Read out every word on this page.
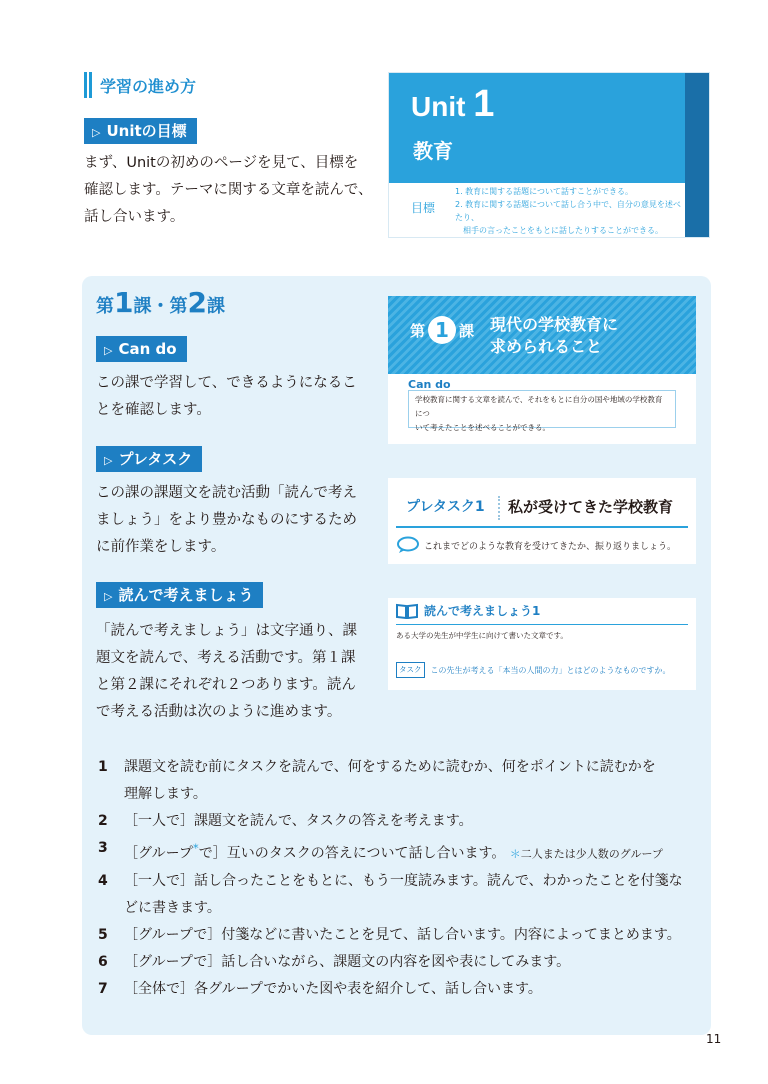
学習の進め方
▷ Unitの目標
まず、Unitの初めのページを見て、目標を
確認します。テーマに関する文章を読んで、
話し合います。
Unit 1
教育
目標
1. 教育に関する話題について話すことができる。
2. 教育に関する話題について話し合う中で、自分の意見を述べたり、
相手の言ったことをもとに話したりすることができる。
第1課・第2課
▷ Can do
この課で学習して、できるようになるこ
とを確認します。
▷ プレタスク
この課の課題文を読む活動「読んで考え
ましょう」をより豊かなものにするため
に前作業をします。
▷ 読んで考えましょう
「読んで考えましょう」は文字通り、課
題文を読んで、考える活動です。第１課
と第２課にそれぞれ２つあります。読ん
で考える活動は次のように進めます。
第 1 課 現代の学校教育に
求められること
Can do
学校教育に関する文章を読んで、それをもとに自分の国や地域の学校教育につ
いて考えたことを述べることができる。
プレタスク1 私が受けてきた学校教育
これまでどのような教育を受けてきたか、振り返りましょう。
読んで考えましょう1
ある大学の先生が中学生に向けて書いた文章です。
タスク	この先生が考える「本当の人間の力」とはどのようなものですか。
1	課題文を読む前にタスクを読んで、何をするために読むか、何をポイントに読むかを
理解します。
2	［一人で］課題文を読んで、タスクの答えを考えます。
3	［グループ*で］互いのタスクの答えについて話し合います。 ＊二人または少人数のグループ
4	［一人で］話し合ったことをもとに、もう一度読みます。読んで、わかったことを付箋な
どに書きます。
5	［グループで］付箋などに書いたことを見て、話し合います。内容によってまとめます。
6	［グループで］話し合いながら、課題文の内容を図や表にしてみます。
7	［全体で］各グループでかいた図や表を紹介して、話し合います。
11
